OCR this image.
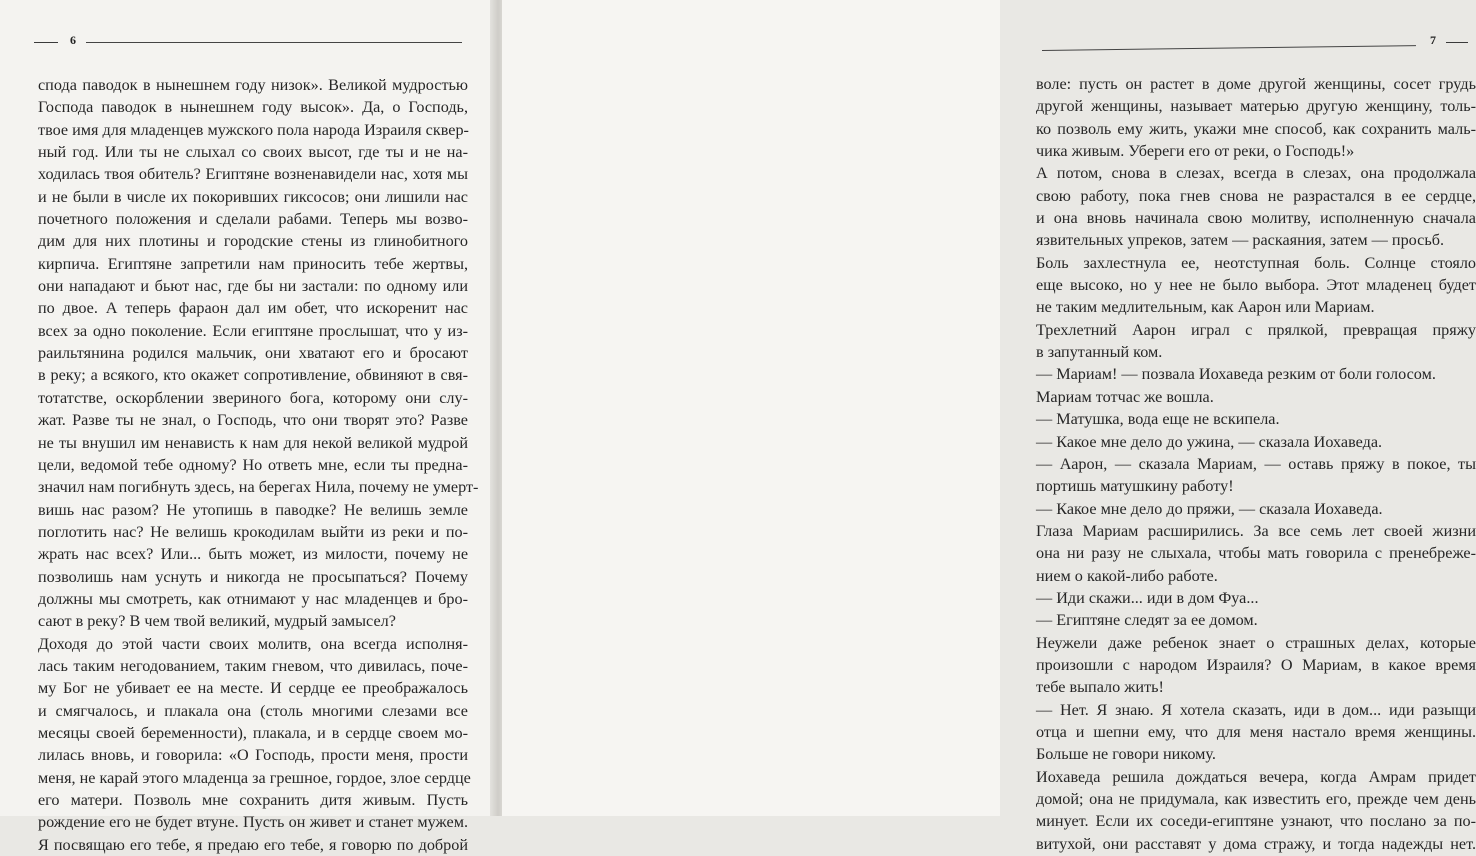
6
спода паводок в нынешнем году низок». Великой мудростью
Господа паводок в нынешнем году высок». Да, о Господь,
твое имя для младенцев мужского пола народа Израиля сквер-
ный год. Или ты не слыхал со своих высот, где ты и не на-
ходилась твоя обитель? Египтяне возненавидели нас, хотя мы
и не были в числе их покоривших гиксосов; они лишили нас
почетного положения и сделали рабами. Теперь мы возво-
дим для них плотины и городские стены из глинобитного
кирпича. Египтяне запретили нам приносить тебе жертвы,
они нападают и бьют нас, где бы ни застали: по одному или
по двое. А теперь фараон дал им обет, что искоренит нас
всех за одно поколение. Если египтяне прослышат, что у из-
раильтянина родился мальчик, они хватают его и бросают
в реку; а всякого, кто окажет сопротивление, обвиняют в свя-
тотатстве, оскорблении звериного бога, которому они слу-
жат. Разве ты не знал, о Господь, что они творят это? Разве
не ты внушил им ненависть к нам для некой великой мудрой
цели, ведомой тебе одному? Но ответь мне, если ты предна-
значил нам погибнуть здесь, на берегах Нила, почему не умерт-
вишь нас разом? Не утопишь в паводке? Не велишь земле
поглотить нас? Не велишь крокодилам выйти из реки и по-
жрать нас всех? Или... быть может, из милости, почему не
позволишь нам уснуть и никогда не просыпаться? Почему
должны мы смотреть, как отнимают у нас младенцев и бро-
сают в реку? В чем твой великий, мудрый замысел?
Доходя до этой части своих молитв, она всегда исполня-
лась таким негодованием, таким гневом, что дивилась, поче-
му Бог не убивает ее на месте. И сердце ее преображалось
и смягчалось, и плакала она (столь многими слезами все
месяцы своей беременности), плакала, и в сердце своем мо-
лилась вновь, и говорила: «О Господь, прости меня, прости
меня, не карай этого младенца за грешное, гордое, злое сердце
его матери. Позволь мне сохранить дитя живым. Пусть
рождение его не будет втуне. Пусть он живет и станет мужем.
Я посвящаю его тебе, я предаю его тебе, я говорю по доброй
7
воле: пусть он растет в доме другой женщины, сосет грудь
другой женщины, называет матерью другую женщину, толь-
ко позволь ему жить, укажи мне способ, как сохранить маль-
чика живым. Убереги его от реки, о Господь!»
А потом, снова в слезах, всегда в слезах, она продолжала
свою работу, пока гнев снова не разрастался в ее сердце,
и она вновь начинала свою молитву, исполненную сначала
язвительных упреков, затем — раскаяния, затем — просьб.
Боль захлестнула ее, неотступная боль. Солнце стояло
еще высоко, но у нее не было выбора. Этот младенец будет
не таким медлительным, как Аарон или Мариам.
Трехлетний Аарон играл с прялкой, превращая пряжу
в запутанный ком.
— Мариам! — позвала Иохаведа резким от боли голосом.
Мариам тотчас же вошла.
— Матушка, вода еще не вскипела.
— Какое мне дело до ужина, — сказала Иохаведа.
— Аарон, — сказала Мариам, — оставь пряжу в покое, ты
портишь матушкину работу!
— Какое мне дело до пряжи, — сказала Иохаведа.
Глаза Мариам расширились. За все семь лет своей жизни
она ни разу не слыхала, чтобы мать говорила с пренебреже-
нием о какой-либо работе.
— Иди скажи... иди в дом Фуа...
— Египтяне следят за ее домом.
Неужели даже ребенок знает о страшных делах, которые
произошли с народом Израиля? О Мариам, в какое время
тебе выпало жить!
— Нет. Я знаю. Я хотела сказать, иди в дом... иди разыщи
отца и шепни ему, что для меня настало время женщины.
Больше не говори никому.
Иохаведа решила дождаться вечера, когда Амрам придет
домой; она не придумала, как известить его, прежде чем день
минует. Если их соседи-египтяне узнают, что послано за по-
витухой, они расставят у дома стражу, и тогда надежды нет.
